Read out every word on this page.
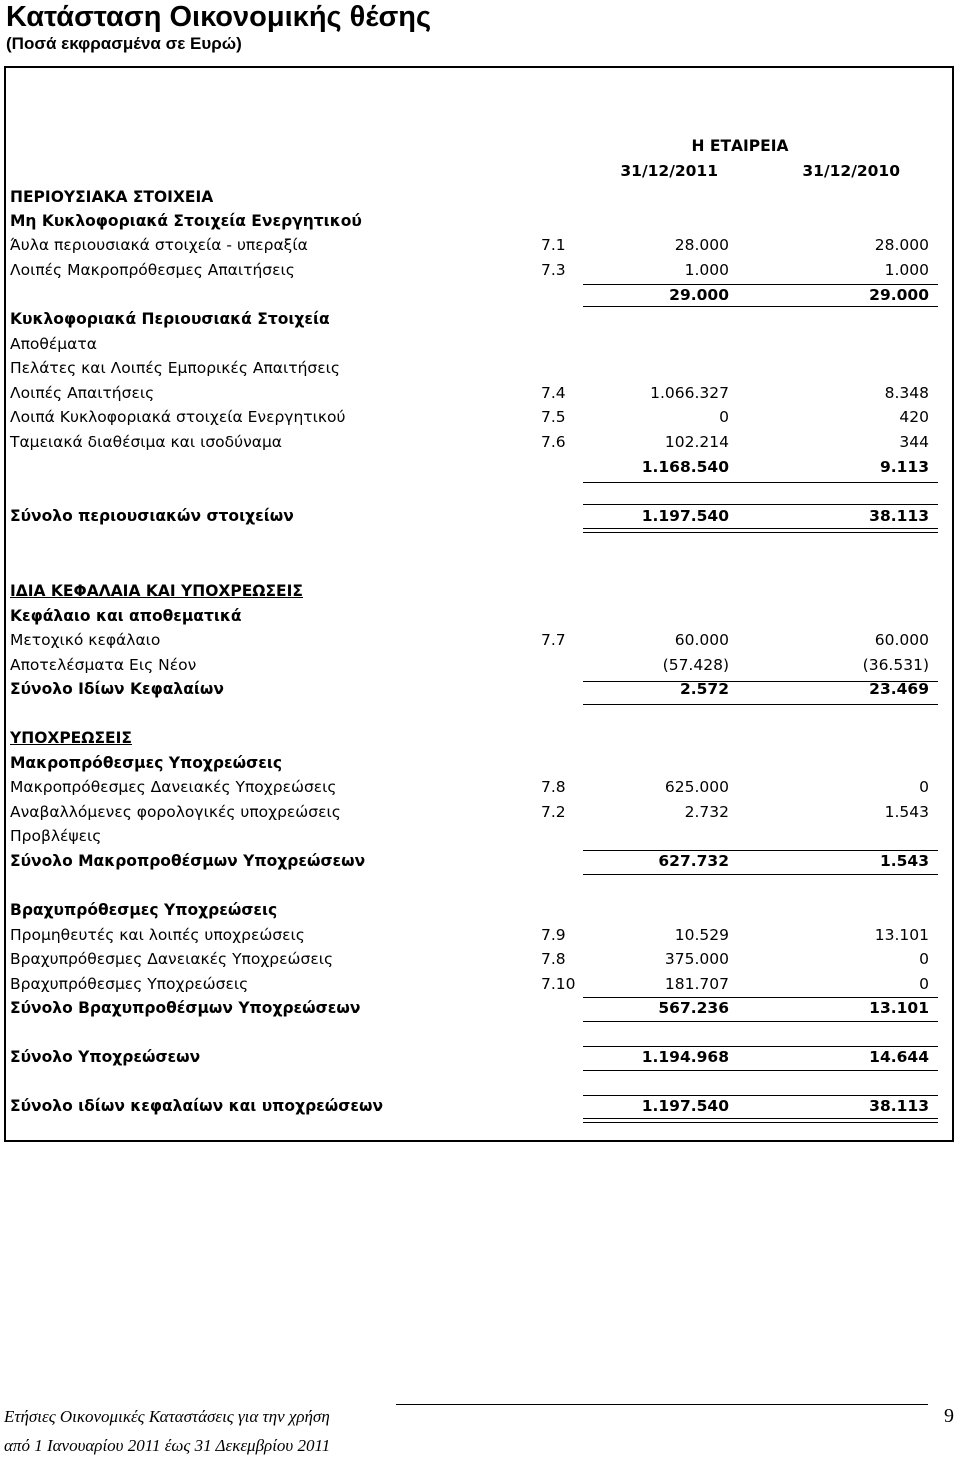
Κατάσταση Οικονομικής θέσης
(Ποσά εκφρασμένα σε Ευρώ)
Η ΕΤΑΙΡΕΙΑ
31/12/2011	31/12/2010
ΠΕΡΙΟΥΣΙΑΚΑ ΣΤΟΙΧΕΙΑ
Μη Κυκλοφοριακά Στοιχεία Ενεργητικού
Άυλα περιουσιακά στοιχεία - υπεραξία	7.1	28.000	28.000
Λοιπές Μακροπρόθεσμες Απαιτήσεις	7.3	1.000	1.000
29.000	29.000
Κυκλοφοριακά Περιουσιακά Στοιχεία
Αποθέματα
Πελάτες και Λοιπές Εμπορικές Απαιτήσεις
Λοιπές Απαιτήσεις	7.4	1.066.327	8.348
Λοιπά Κυκλοφοριακά στοιχεία Ενεργητικού	7.5	0	420
Ταμειακά διαθέσιμα και ισοδύναμα	7.6	102.214	344
1.168.540	9.113
Σύνολο περιουσιακών στοιχείων	1.197.540	38.113
ΙΔΙΑ ΚΕΦΑΛΑΙΑ ΚΑΙ ΥΠΟΧΡΕΩΣΕΙΣ
Κεφάλαιο και αποθεματικά
Μετοχικό κεφάλαιο	7.7	60.000	60.000
Αποτελέσματα Εις Νέον	(57.428)	(36.531)
Σύνολο Ιδίων Κεφαλαίων	2.572	23.469
ΥΠΟΧΡΕΩΣΕΙΣ
Μακροπρόθεσμες Υποχρεώσεις
Μακροπρόθεσμες Δανειακές Υποχρεώσεις	7.8	625.000	0
Αναβαλλόμενες φορολογικές υποχρεώσεις	7.2	2.732	1.543
Προβλέψεις
Σύνολο Μακροπροθέσμων Υποχρεώσεων	627.732	1.543
Βραχυπρόθεσμες Υποχρεώσεις
Προμηθευτές και λοιπές υποχρεώσεις	7.9	10.529	13.101
Βραχυπρόθεσμες Δανειακές Υποχρεώσεις	7.8	375.000	0
Βραχυπρόθεσμες Υποχρεώσεις	7.10	181.707	0
Σύνολο Βραχυπροθέσμων Υποχρεώσεων	567.236	13.101
Σύνολο Υποχρεώσεων	1.194.968	14.644
Σύνολο ιδίων κεφαλαίων και υποχρεώσεων	1.197.540	38.113
Ετήσιες Οικονομικές Καταστάσεις για την χρήση
από 1 Ιανουαρίου 2011 έως 31 Δεκεμβρίου 2011
9
